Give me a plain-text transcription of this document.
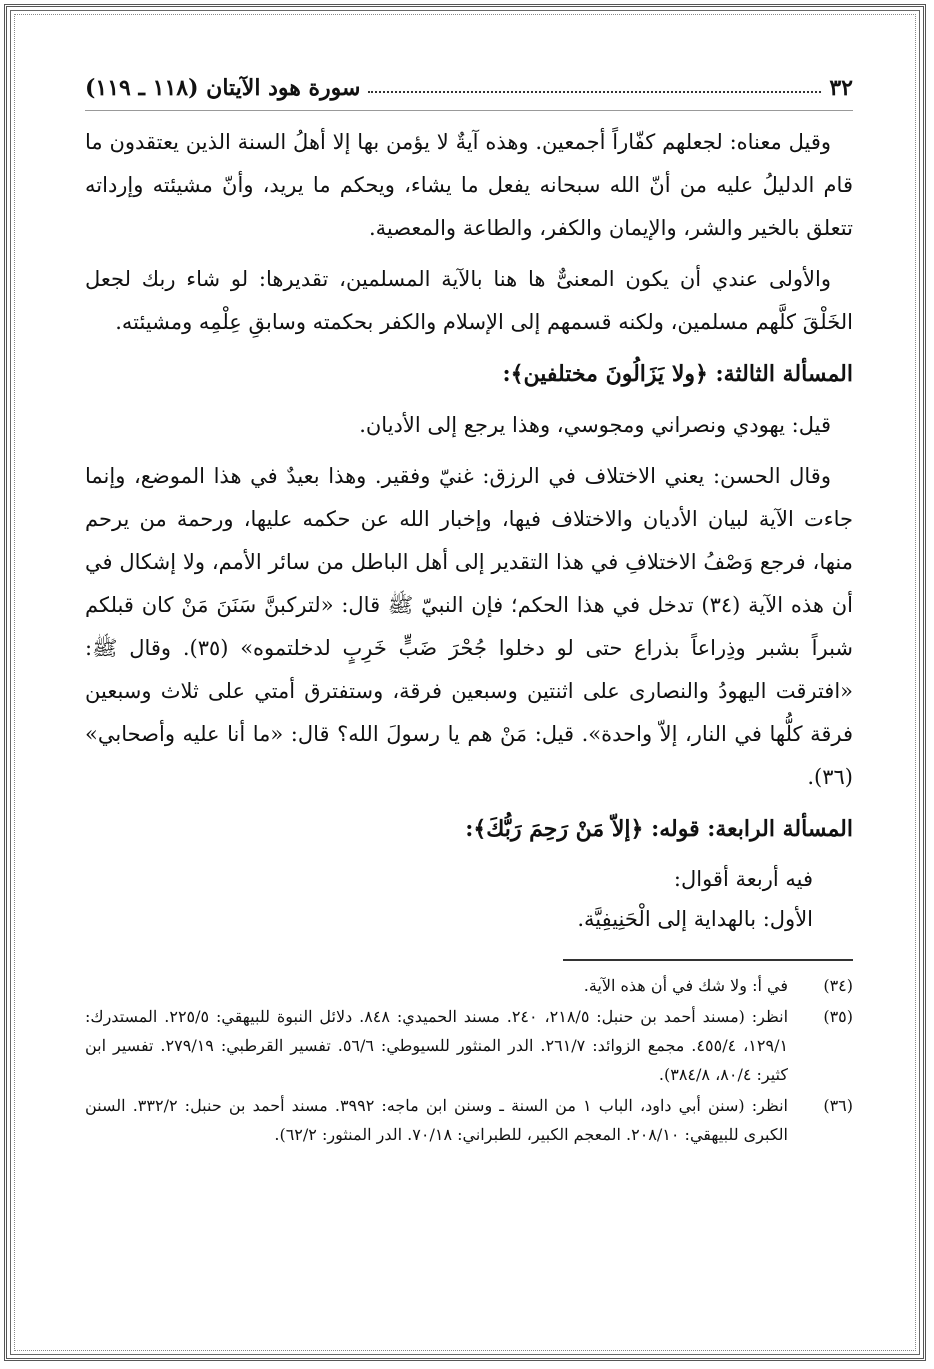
٣٢
سورة هود الآيتان (١١٨ ـ ١١٩)

وقيل معناه: لجعلهم كفّاراً أجمعين. وهذه آيةٌ لا يؤمن بها إلا أهلُ السنة الذين يعتقدون ما قام الدليلُ عليه من أنّ الله سبحانه يفعل ما يشاء، ويحكم ما يريد، وأنّ مشيئته وإرداته تتعلق بالخير والشر، والإيمان والكفر، والطاعة والمعصية.

والأولى عندي أن يكون المعنىٌّ ها هنا بالآية المسلمين، تقديرها: لو شاء ربك لجعل الخَلْقَ كلَّهم مسلمين، ولكنه قسمهم إلى الإسلام والكفر بحكمته وسابقِ عِلْمِه ومشيئته.

المسألة الثالثة: ﴿ولا يَزَالُونَ مختلفين﴾:

قيل: يهودي ونصراني ومجوسي، وهذا يرجع إلى الأديان.

وقال الحسن: يعني الاختلاف في الرزق: غنيّ وفقير. وهذا بعيدٌ في هذا الموضع، وإنما جاءت الآية لبيان الأديان والاختلاف فيها، وإخبار الله عن حكمه عليها، ورحمة من يرحم منها، فرجع وَصْفُ الاختلافِ في هذا التقدير إلى أهل الباطل من سائر الأمم، ولا إشكال في أن هذه الآية (٣٤) تدخل في هذا الحكم؛ فإن النبيّ ﷺ قال: «لتركبنَّ سَنَنَ مَنْ كان قبلكم شبراً بشبر وذِراعاً بذراع حتى لو دخلوا جُحْرَ ضَبٍّ خَرِبٍ لدخلتموه» (٣٥). وقال ﷺ: «افترقت اليهودُ والنصارى على اثنتين وسبعين فرقة، وستفترق أمتي على ثلاث وسبعين فرقة كلُّها في النار، إلاّ واحدة». قيل: مَنْ هم يا رسولَ الله؟ قال: «ما أنا عليه وأصحابي» (٣٦).

المسألة الرابعة: قوله: ﴿إلاّ مَنْ رَحِمَ رَبُّكَ﴾:

فيه أربعة أقوال:

الأول: بالهداية إلى الْحَنِيفِيَّة.

(٣٤)
في أ: ولا شك في أن هذه الآية.
(٣٥)
انظر: (مسند أحمد بن حنبل: ٢١٨/٥، ٢٤٠. مسند الحميدي: ٨٤٨. دلائل النبوة للبيهقي: ٢٢٥/٥. المستدرك: ١٢٩/١، ٤٥٥/٤. مجمع الزوائد: ٢٦١/٧. الدر المنثور للسيوطي: ٥٦/٦. تفسير القرطبي: ٢٧٩/١٩. تفسير ابن كثير: ٨٠/٤، ٣٨٤/٨).
(٣٦)
انظر: (سنن أبي داود، الباب ١ من السنة ـ وسنن ابن ماجه: ٣٩٩٢. مسند أحمد بن حنبل: ٣٣٢/٢. السنن الكبرى للبيهقي: ٢٠٨/١٠. المعجم الكبير، للطبراني: ٧٠/١٨. الدر المنثور: ٦٢/٢).
